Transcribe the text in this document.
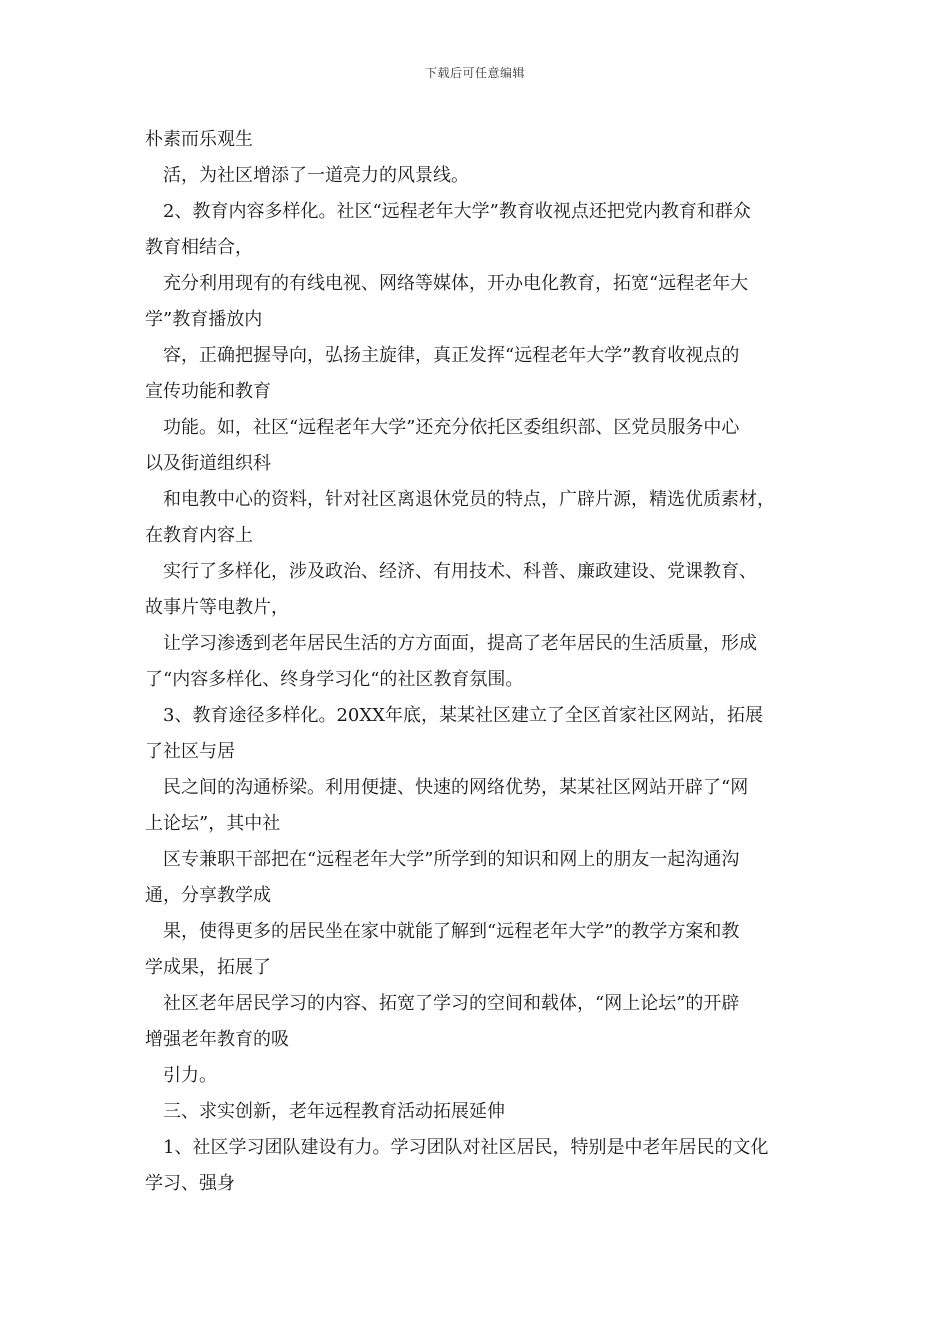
下载后可任意编辑
朴素而乐观生
活，为社区增添了一道亮力的风景线。
2、教育内容多样化。社区“远程老年大学”教育收视点还把党内教育和群众
教育相结合，
充分利用现有的有线电视、网络等媒体，开办电化教育，拓宽“远程老年大
学”教育播放内
容，正确把握导向，弘扬主旋律，真正发挥“远程老年大学”教育收视点的
宣传功能和教育
功能。如，社区“远程老年大学”还充分依托区委组织部、区党员服务中心
以及街道组织科
和电教中心的资料，针对社区离退休党员的特点，广辟片源，精选优质素材，
在教育内容上
实行了多样化，涉及政治、经济、有用技术、科普、廉政建设、党课教育、
故事片等电教片，
让学习渗透到老年居民生活的方方面面，提高了老年居民的生活质量，形成
了“内容多样化、终身学习化“的社区教育氛围。
3、教育途径多样化。20XX年底，某某社区建立了全区首家社区网站，拓展
了社区与居
民之间的沟通桥梁。利用便捷、快速的网络优势，某某社区网站开辟了“网
上论坛”，其中社
区专兼职干部把在“远程老年大学”所学到的知识和网上的朋友一起沟通沟
通，分享教学成
果，使得更多的居民坐在家中就能了解到“远程老年大学”的教学方案和教
学成果，拓展了
社区老年居民学习的内容、拓宽了学习的空间和载体，“网上论坛”的开辟
增强老年教育的吸
引力。
三、求实创新，老年远程教育活动拓展延伸
1、社区学习团队建设有力。学习团队对社区居民，特别是中老年居民的文化
学习、强身
